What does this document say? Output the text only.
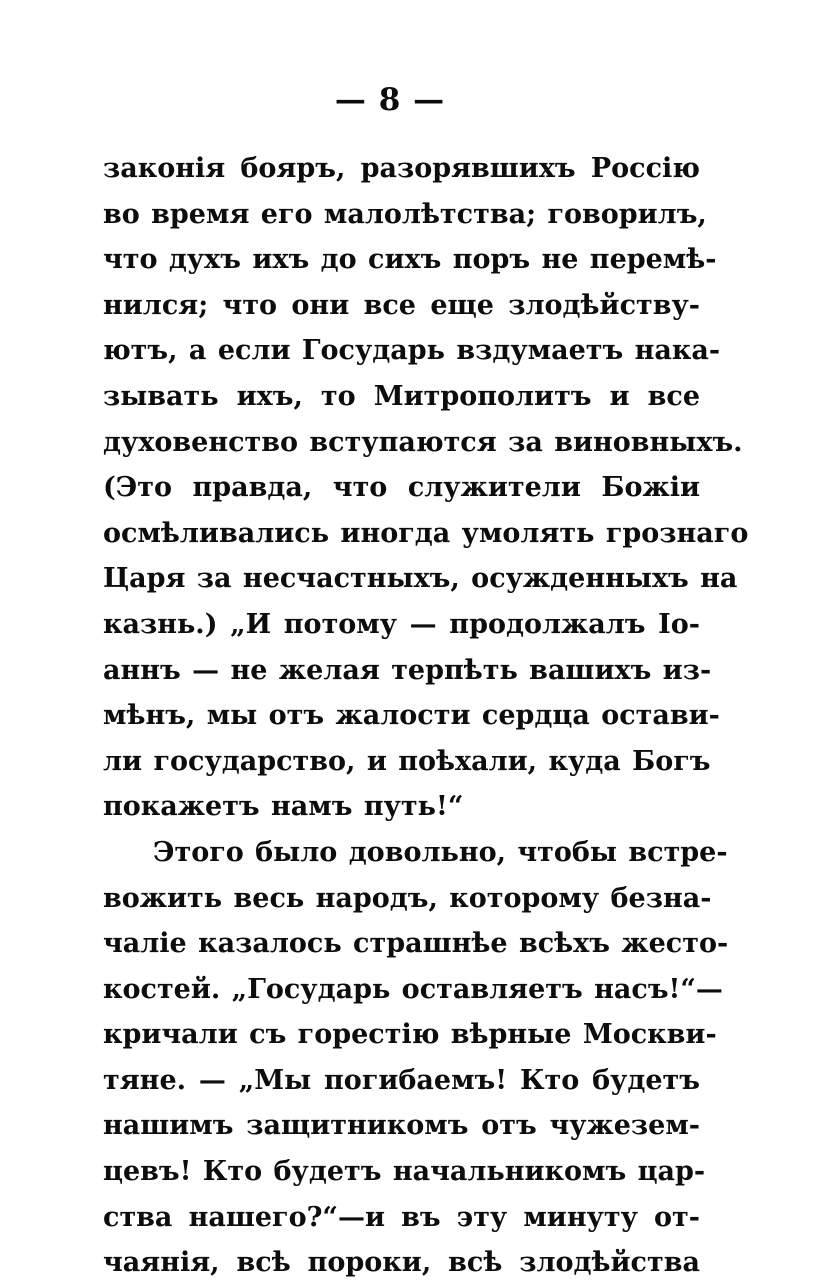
— 8 —
законія бояръ, разорявшихъ Россію
во время его малолѣтства; говорилъ,
что духъ ихъ до сихъ поръ не перемѣ-
нился; что они все еще злодѣйству-
ютъ, а если Государь вздумаетъ нака-
зывать ихъ, то Митрополитъ и все
духовенство вступаются за виновныхъ.
(Это правда, что служители Божіи
осмѣливались иногда умолять грознаго
Царя за несчастныхъ, осужденныхъ на
казнь.) „И потому — продолжалъ Іо-
аннъ — не желая терпѣть вашихъ из-
мѣнъ, мы отъ жалости сердца остави-
ли государство, и поѣхали, куда Богъ
покажетъ намъ путь!“
Этого было довольно, чтобы встре-
вожить весь народъ, которому безна-
чаліе казалось страшнѣе всѣхъ жесто-
костей. „Государь оставляетъ насъ!“—
кричали съ горестію вѣрные Москви-
тяне. — „Мы погибаемъ! Кто будетъ
нашимъ защитникомъ отъ чужезем-
цевъ! Кто будетъ начальникомъ цар-
ства нашего?“—и въ эту минуту от-
чаянія, всѣ пороки, всѣ злодѣйства
